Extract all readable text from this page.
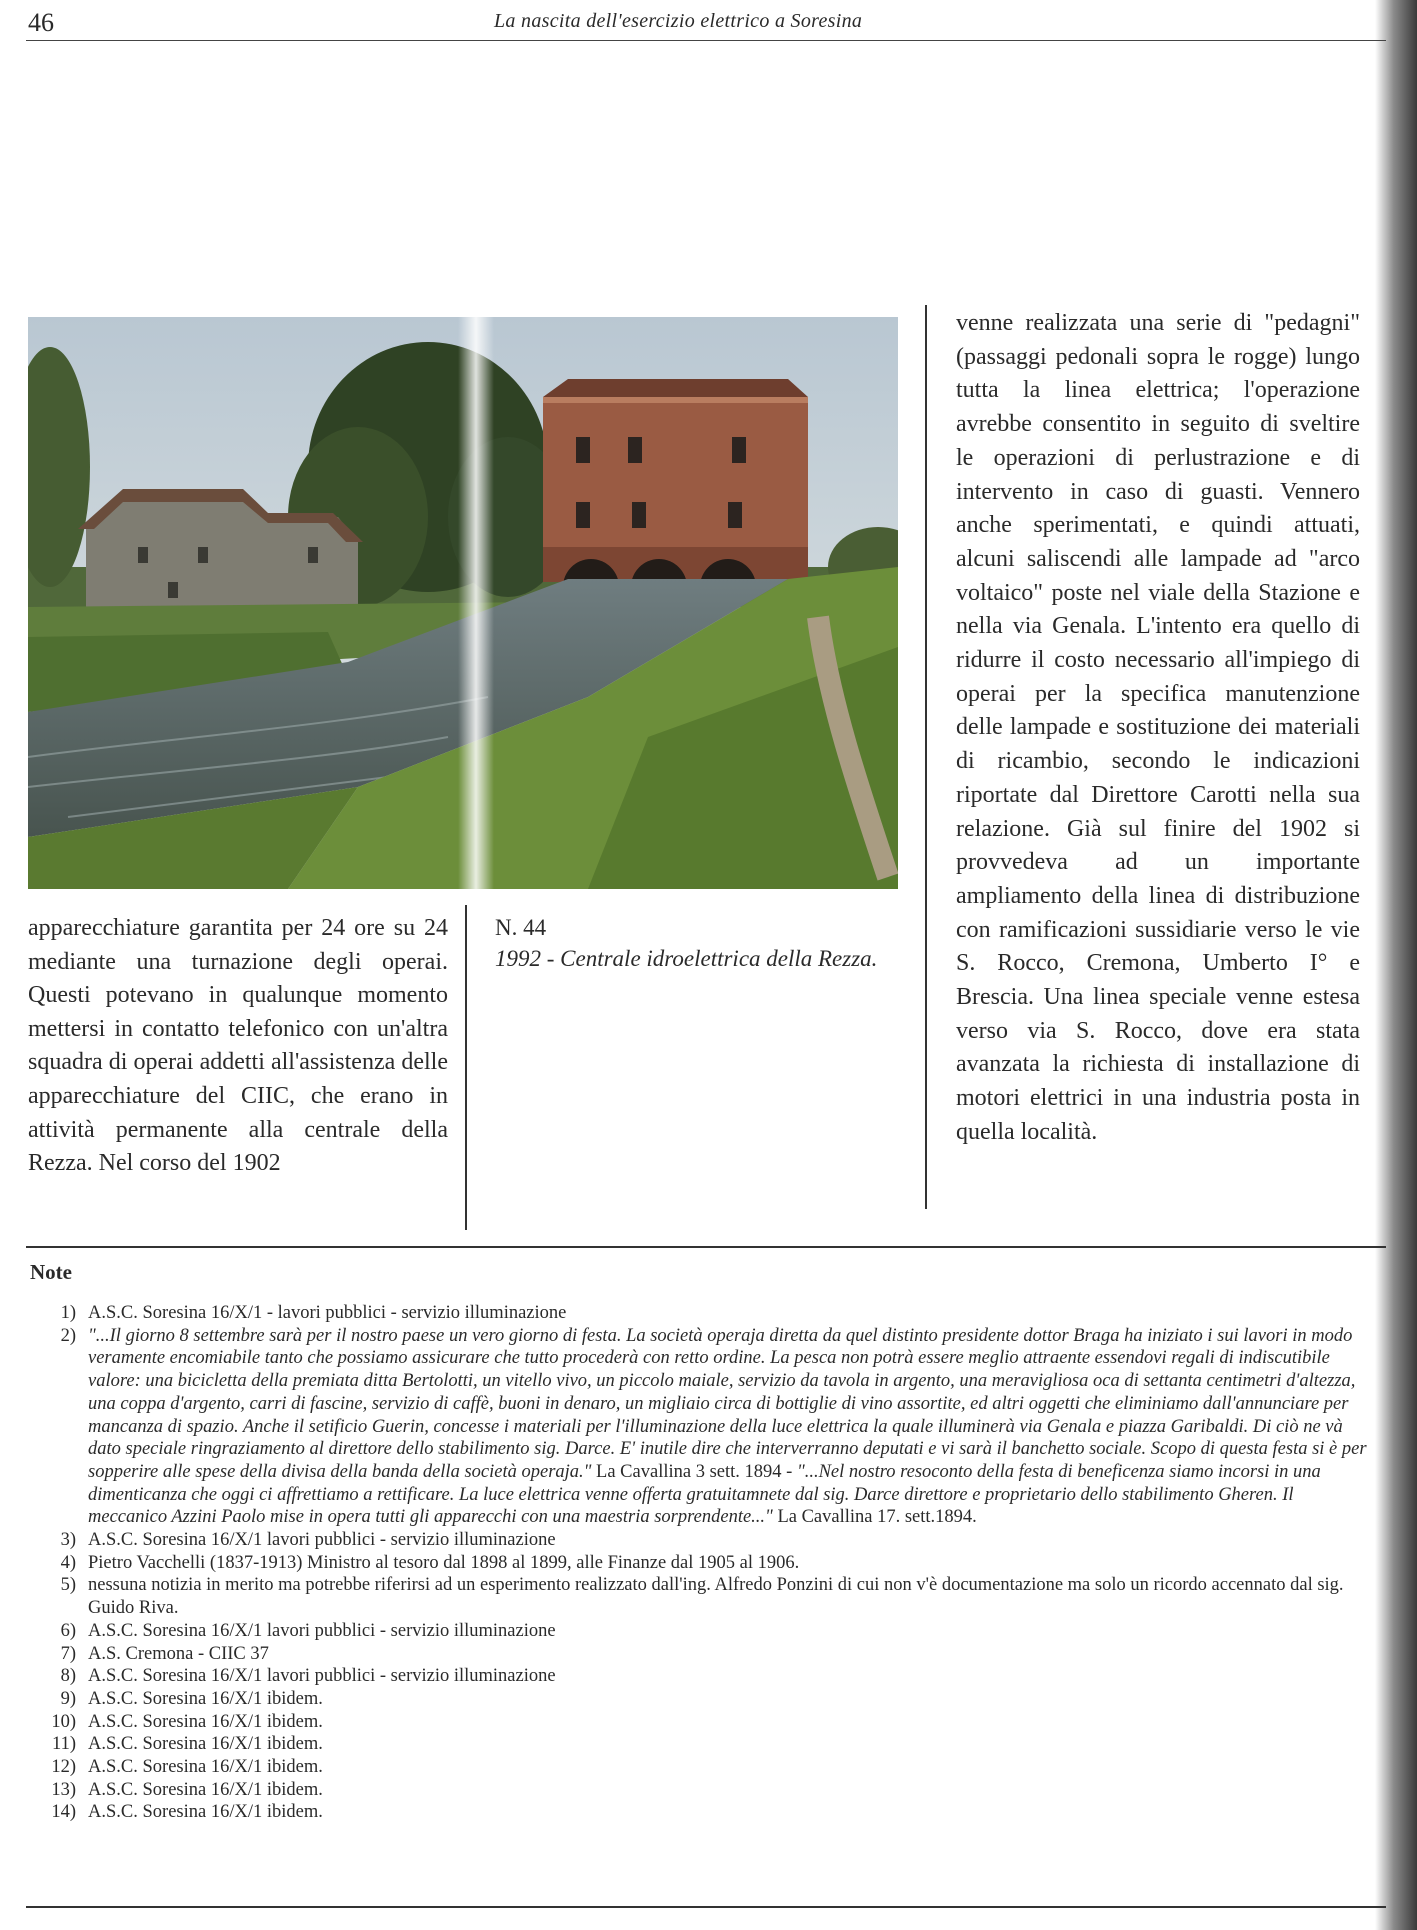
46	La nascita dell'esercizio elettrico a Soresina

apparecchiature garantita per 24 ore su 24 mediante una turnazione degli operai. Questi potevano in qualunque momento mettersi in contatto telefonico con un'altra squadra di operai addetti all'assistenza delle apparecchiature del CIIC, che erano in attività permanente alla centrale della Rezza. Nel corso del 1902

N. 44
1992 - Centrale idroelettrica della Rezza.

venne realizzata una serie di "pedagni" (passaggi pedonali sopra le rogge) lungo tutta la linea elettrica; l'operazione avrebbe consentito in seguito di sveltire le operazioni di perlustrazione e di intervento in caso di guasti. Vennero anche sperimentati, e quindi attuati, alcuni saliscendi alle lampade ad "arco voltaico" poste nel viale della Stazione e nella via Genala. L'intento era quello di ridurre il costo necessario all'impiego di operai per la specifica manutenzione delle lampade e sostituzione dei materiali di ricambio, secondo le indicazioni riportate dal Direttore Carotti nella sua relazione. Già sul finire del 1902 si provvedeva ad un importante ampliamento della linea di distribuzione con ramificazioni sussidiarie verso le vie S. Rocco, Cremona, Umberto I° e Brescia. Una linea speciale venne estesa verso via S. Rocco, dove era stata avanzata la richiesta di installazione di motori elettrici in una industria posta in quella località.

Note
1) A.S.C. Soresina 16/X/1 - lavori pubblici - servizio illuminazione
2) "...Il giorno 8 settembre sarà per il nostro paese un vero giorno di festa. La società operaja diretta da quel distinto presidente dottor Braga ha iniziato i sui lavori in modo veramente encomiabile tanto che possiamo assicurare che tutto procederà con retto ordine. La pesca non potrà essere meglio attraente essendovi regali di indiscutibile valore: una bicicletta della premiata ditta Bertolotti, un vitello vivo, un piccolo maiale, servizio da tavola in argento, una meravigliosa oca di settanta centimetri d'altezza, una coppa d'argento, carri di fascine, servizio di caffè, buoni in denaro, un migliaio circa di bottiglie di vino assortite, ed altri oggetti che eliminiamo dall'annunciare per mancanza di spazio. Anche il setificio Guerin, concesse i materiali per l'illuminazione della luce elettrica la quale illuminerà via Genala e piazza Garibaldi. Di ciò ne và dato speciale ringraziamento al direttore dello stabilimento sig. Darce. E' inutile dire che interverranno deputati e vi sarà il banchetto sociale. Scopo di questa festa si è per sopperire alle spese della divisa della banda della società operaja." La Cavallina 3 sett. 1894 - "...Nel nostro resoconto della festa di beneficenza siamo incorsi in una dimenticanza che oggi ci affrettiamo a rettificare. La luce elettrica venne offerta gratuitamnete dal sig. Darce direttore e proprietario dello stabilimento Gheren. Il meccanico Azzini Paolo mise in opera tutti gli apparecchi con una maestria sorprendente..." La Cavallina 17. sett.1894.
3) A.S.C. Soresina 16/X/1 lavori pubblici - servizio illuminazione
4) Pietro Vacchelli (1837-1913) Ministro al tesoro dal 1898 al 1899, alle Finanze dal 1905 al 1906.
5) nessuna notizia in merito ma potrebbe riferirsi ad un esperimento realizzato dall'ing. Alfredo Ponzini di cui non v'è documentazione ma solo un ricordo accennato dal sig. Guido Riva.
6) A.S.C. Soresina 16/X/1 lavori pubblici - servizio illuminazione
7) A.S. Cremona - CIIC 37
8) A.S.C. Soresina 16/X/1 lavori pubblici - servizio illuminazione
9) A.S.C. Soresina 16/X/1 ibidem.
10) A.S.C. Soresina 16/X/1 ibidem.
11) A.S.C. Soresina 16/X/1 ibidem.
12) A.S.C. Soresina 16/X/1 ibidem.
13) A.S.C. Soresina 16/X/1 ibidem.
14) A.S.C. Soresina 16/X/1 ibidem.
